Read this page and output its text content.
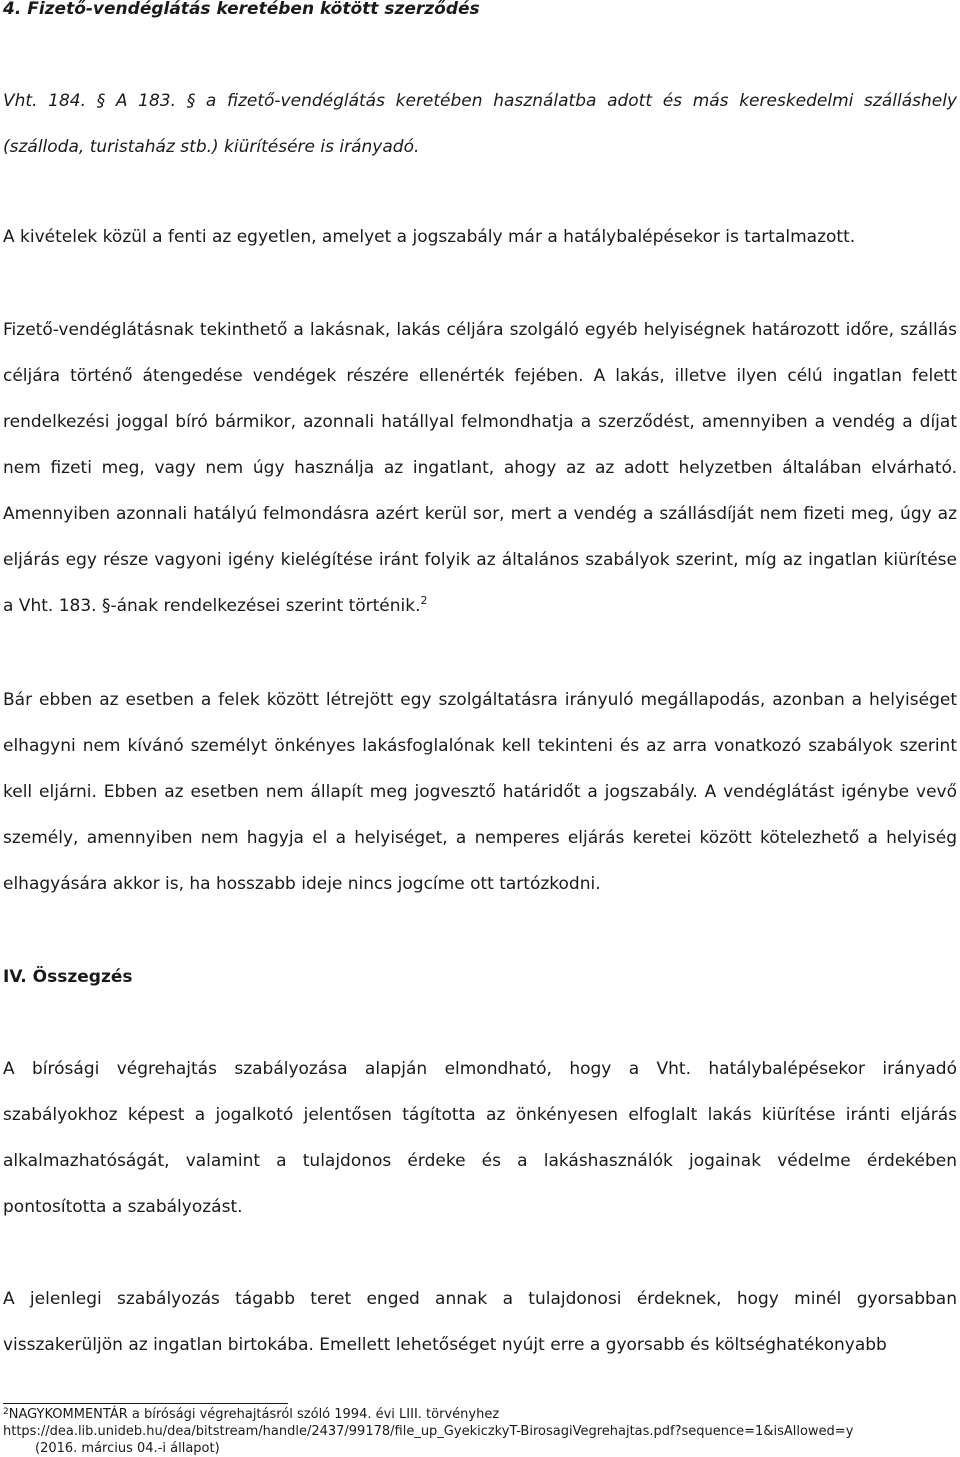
4. Fizető-vendéglátás keretében kötött szerződés

Vht. 184. § A 183. § a fizető-vendéglátás keretében használatba adott és más kereskedelmi szálláshely (szálloda, turistaház stb.) kiürítésére is irányadó.

A kivételek közül a fenti az egyetlen, amelyet a jogszabály már a hatálybalépésekor is tartalmazott.

Fizető-vendéglátásnak tekinthető a lakásnak, lakás céljára szolgáló egyéb helyiségnek határozott időre, szállás céljára történő átengedése vendégek részére ellenérték fejében. A lakás, illetve ilyen célú ingatlan felett rendelkezési joggal bíró bármikor, azonnali hatállyal felmondhatja a szerződést, amennyiben a vendég a díjat nem fizeti meg, vagy nem úgy használja az ingatlant, ahogy az az adott helyzetben általában elvárható. Amennyiben azonnali hatályú felmondásra azért kerül sor, mert a vendég a szállásdíját nem fizeti meg, úgy az eljárás egy része vagyoni igény kielégítése iránt folyik az általános szabályok szerint, míg az ingatlan kiürítése a Vht. 183. §-ának rendelkezései szerint történik.$^2$

Bár ebben az esetben a felek között létrejött egy szolgáltatásra irányuló megállapodás, azonban a helyiséget elhagyni nem kívánó személyt önkényes lakásfoglalónak kell tekinteni és az arra vonatkozó szabályok szerint kell eljárni. Ebben az esetben nem állapít meg jogvesztő határidőt a jogszabály. A vendéglátást igénybe vevő személy, amennyiben nem hagyja el a helyiséget, a nemperes eljárás keretei között kötelezhető a helyiség elhagyására akkor is, ha hosszabb ideje nincs jogcíme ott tartózkodni.

IV. Összegzés

A bírósági végrehajtás szabályozása alapján elmondható, hogy a Vht. hatálybalépésekor irányadó szabályokhoz képest a jogalkotó jelentősen tágította az önkényesen elfoglalt lakás kiürítése iránti eljárás alkalmazhatóságát, valamint a tulajdonos érdeke és a lakáshasználók jogainak védelme érdekében pontosította a szabályozást.

A jelenlegi szabályozás tágabb teret enged annak a tulajdonosi érdeknek, hogy minél gyorsabban visszakerüljön az ingatlan birtokába. Emellett lehetőséget nyújt erre a gyorsabb és költséghatékonyabb

$^2$NAGYKOMMENTÁR a bírósági végrehajtásról szóló 1994. évi LIII. törvényhez
https://dea.lib.unideb.hu/dea/bitstream/handle/2437/99178/file_up_GyekiczkyT-BirosagiVegrehajtas.pdf?sequence=1&isAllowed=y
(2016. március 04.-i állapot)
